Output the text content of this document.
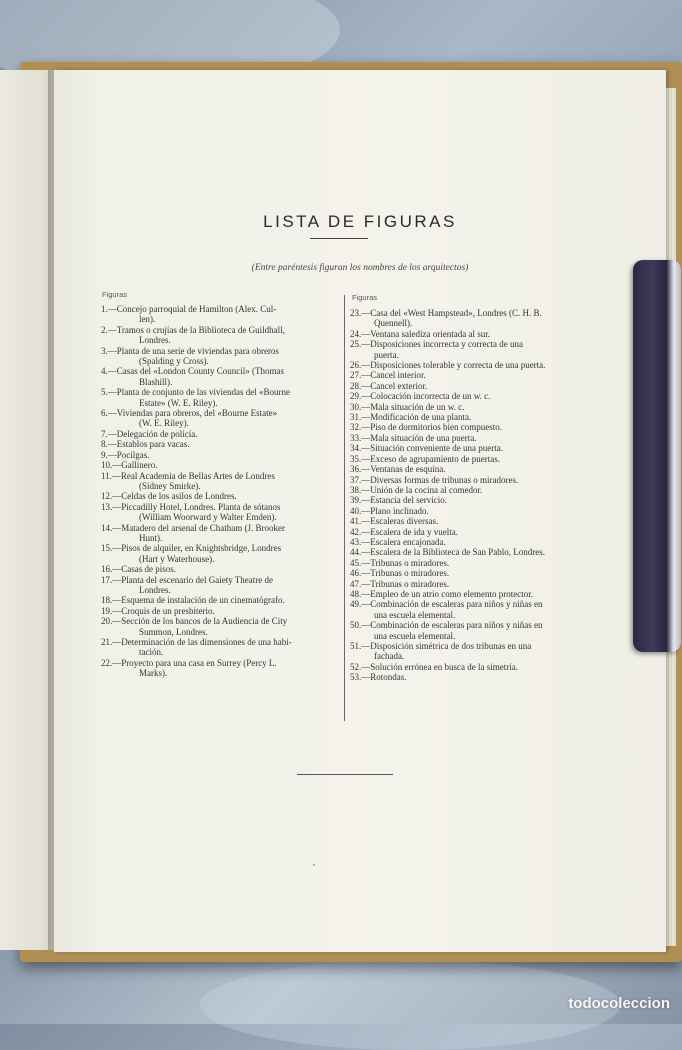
LISTA DE FIGURAS
(Entre paréntesis figuran los nombres de los arquitectos)
Figuras	Figuras
1.—Concejo parroquial de Hamilton (Alex. Cul-
len).
2.—Tramos o crujías de la Biblioteca de Guildhall,
Londres.
3.—Planta de una serie de viviendas para obreros
(Spalding y Cross).
4.—Casas del «London County Council» (Thomas
Blashill).
5.—Planta de conjunto de las viviendas del «Bourne
Estate» (W. E. Riley).
6.—Viviendas para obreros, del «Bourne Estate»
(W. E. Riley).
7.—Delegación de policía.
8.—Establos para vacas.
9.—Pocilgas.
10.—Gallinero.
11.—Real Academia de Bellas Artes de Londres
(Sidney Smirke).
12.—Celdas de los asilos de Londres.
13.—Piccadilly Hotel, Londres. Planta de sótanos
(William Woorward y Walter Emden).
14.—Matadero del arsenal de Chatham (J. Brooker
Hunt).
15.—Pisos de alquiler, en Knightsbridge, Londres
(Hart y Waterhouse).
16.—Casas de pisos.
17.—Planta del escenario del Gaiety Theatre de
Londres.
18.—Esquema de instalación de un cinematógrafo.
19.—Croquis de un presbiterio.
20.—Sección de los bancos de la Audiencia de City
Summon, Londres.
21.—Determinación de las dimensiones de una habi-
tación.
22.—Proyecto para una casa en Surrey (Percy L.
Marks).
23.—Casa del «West Hampstead», Londres (C. H. B.
Quennell).
24.—Ventana saledíza orientada al sur.
25.—Disposiciones incorrecta y correcta de una
puerta.
26.—Disposiciones tolerable y correcta de una puerta.
27.—Cancel interior.
28.—Cancel exterior.
29.—Colocación incorrecta de un w. c.
30.—Mala situación de un w. c.
31.—Modificación de una planta.
32.—Piso de dormitorios bien compuesto.
33.—Mala situación de una puerta.
34.—Situación conveniente de una puerta.
35.—Exceso de agrupamiento de puertas.
36.—Ventanas de esquina.
37.—Diversas formas de tribunas o miradores.
38.—Unión de la cocina al comedor.
39.—Estancia del servicio.
40.—Plano inclinado.
41.—Escaleras diversas.
42.—Escalera de ida y vuelta.
43.—Escalera encajonada.
44.—Escalera de la Biblioteca de San Pablo, Londres.
45.—Tribunas o miradores.
46.—Tribunas o miradores.
47.—Tribunas o miradores.
48.—Empleo de un atrio como elemento protector.
49.—Combinación de escaleras para niños y niñas en
una escuela elemental.
50.—Combinación de escaleras para niños y niñas en
una escuela elemental.
51.—Disposición simétrica de dos tribunas en una
fachada.
52.—Solución errónea en busca de la simetría.
53.—Rotondas.
todocoleccion
